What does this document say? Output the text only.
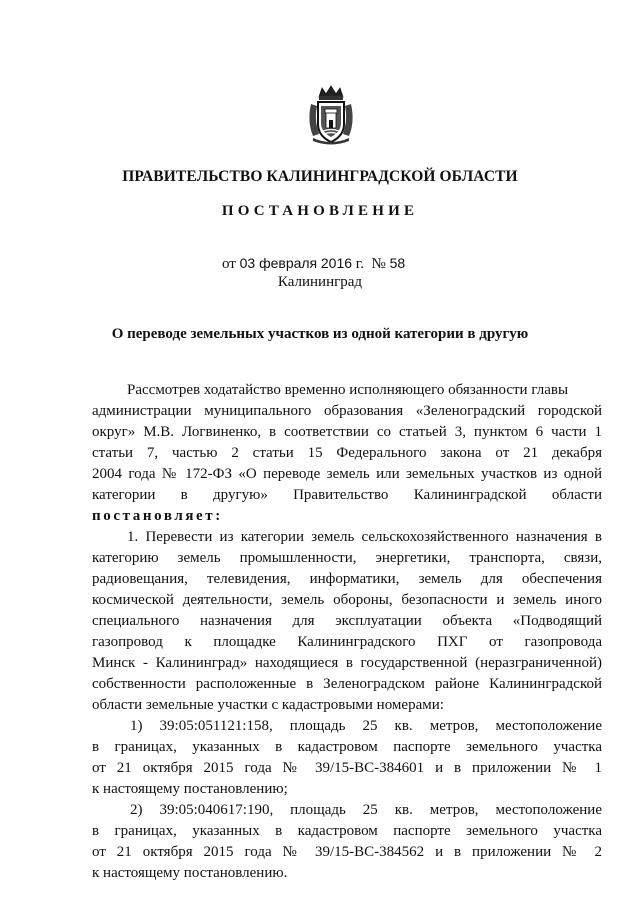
ПРАВИТЕЛЬСТВО КАЛИНИНГРАДСКОЙ ОБЛАСТИ
ПОСТАНОВЛЕНИЕ
от 03 февраля 2016 г. № 58
Калининград
О переводе земельных участков из одной категории в другую
Рассмотрев ходатайство временно исполняющего обязанности главы
администрации муниципального образования «Зеленоградский городской
округ» М.В. Логвиненко, в соответствии со статьей 3, пунктом 6 части 1
статьи 7, частью 2 статьи 15 Федерального закона от 21 декабря
2004 года № 172-ФЗ «О переводе земель или земельных участков из одной
категории в другую» Правительство Калининградской области
постановляет:
1. Перевести из категории земель сельскохозяйственного назначения в
категорию земель промышленности, энергетики, транспорта, связи,
радиовещания, телевидения, информатики, земель для обеспечения
космической деятельности, земель обороны, безопасности и земель иного
специального назначения для эксплуатации объекта «Подводящий
газопровод к площадке Калининградского ПХГ от газопровода
Минск - Калининград» находящиеся в государственной (неразграниченной)
собственности расположенные в Зеленоградском районе Калининградской
области земельные участки с кадастровыми номерами:
1) 39:05:051121:158, площадь 25 кв. метров, местоположение
в границах, указанных в кадастровом паспорте земельного участка
от 21 октября 2015 года № 39/15-ВС-384601 и в приложении № 1
к настоящему постановлению;
2) 39:05:040617:190, площадь 25 кв. метров, местоположение
в границах, указанных в кадастровом паспорте земельного участка
от 21 октября 2015 года № 39/15-ВС-384562 и в приложении № 2
к настоящему постановлению.
